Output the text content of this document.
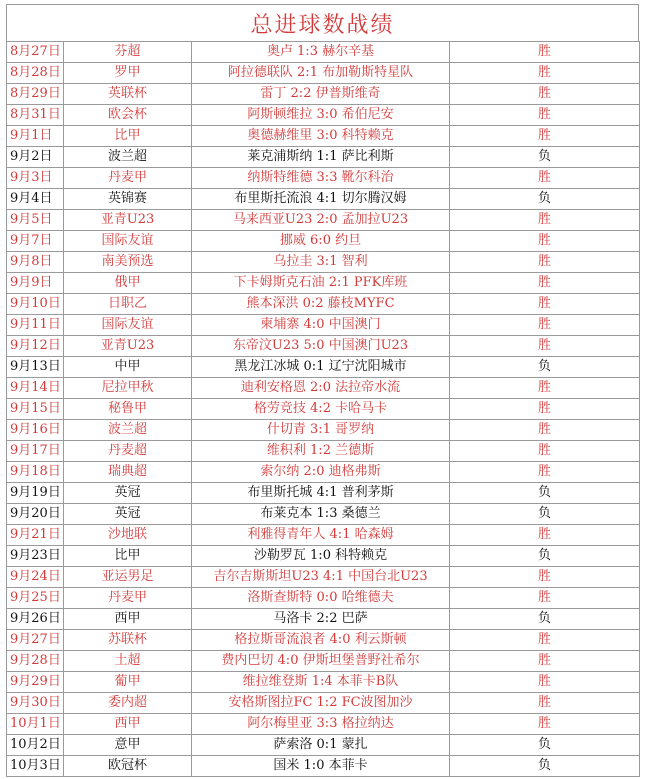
总进球数战绩
8月27日	芬超	奥卢 1:3 赫尔辛基	胜
8月28日	罗甲	阿拉德联队 2:1 布加勒斯特星队	胜
8月29日	英联杯	雷丁 2:2 伊普斯维奇	胜
8月31日	欧会杯	阿斯顿维拉 3:0 希伯尼安	胜
9月1日	比甲	奥德赫维里 3:0 科特赖克	胜
9月2日	波兰超	莱克浦斯纳 1:1 萨比利斯	负
9月3日	丹麦甲	纳斯特维德 3:3 靴尔科治	胜
9月4日	英锦赛	布里斯托流浪 4:1 切尔腾汉姆	负
9月5日	亚青U23	马来西亚U23 2:0 孟加拉U23	胜
9月7日	国际友谊	挪威 6:0 约旦	胜
9月8日	南美预选	乌拉圭 3:1 智利	胜
9月9日	俄甲	下卡姆斯克石油 2:1 PFK库班	胜
9月10日	日职乙	熊本深洪 0:2 藤枝MYFC	胜
9月11日	国际友谊	柬埔寨 4:0 中国澳门	胜
9月12日	亚青U23	东帝汶U23 5:0 中国澳门U23	胜
9月13日	中甲	黑龙江冰城 0:1 辽宁沈阳城市	负
9月14日	尼拉甲秋	迪利安格恩 2:0 法拉帝水流	胜
9月15日	秘鲁甲	格劳竞技 4:2 卡哈马卡	胜
9月16日	波兰超	什切青 3:1 哥罗纳	胜
9月17日	丹麦超	维积利 1:2 兰德斯	胜
9月18日	瑞典超	索尔纳 2:0 迪格弗斯	胜
9月19日	英冠	布里斯托城 4:1 普利茅斯	负
9月20日	英冠	布莱克本 1:3 桑德兰	负
9月21日	沙地联	利雅得青年人 4:1 哈森姆	胜
9月23日	比甲	沙勒罗瓦 1:0 科特赖克	负
9月24日	亚运男足	吉尔吉斯斯坦U23 4:1 中国台北U23	胜
9月25日	丹麦甲	洛斯查斯特 0:0 哈维德夫	胜
9月26日	西甲	马洛卡 2:2 巴萨	负
9月27日	苏联杯	格拉斯哥流浪者 4:0 利云斯顿	胜
9月28日	土超	费内巴切 4:0 伊斯坦堡普野社希尔	胜
9月29日	葡甲	维拉维登斯 1:4 本菲卡B队	胜
9月30日	委内超	安格斯图拉FC 1:2 FC波图加沙	胜
10月1日	西甲	阿尔梅里亚 3:3 格拉纳达	胜
10月2日	意甲	萨索洛 0:1 蒙扎	负
10月3日	欧冠杯	国米 1:0 本菲卡	负
